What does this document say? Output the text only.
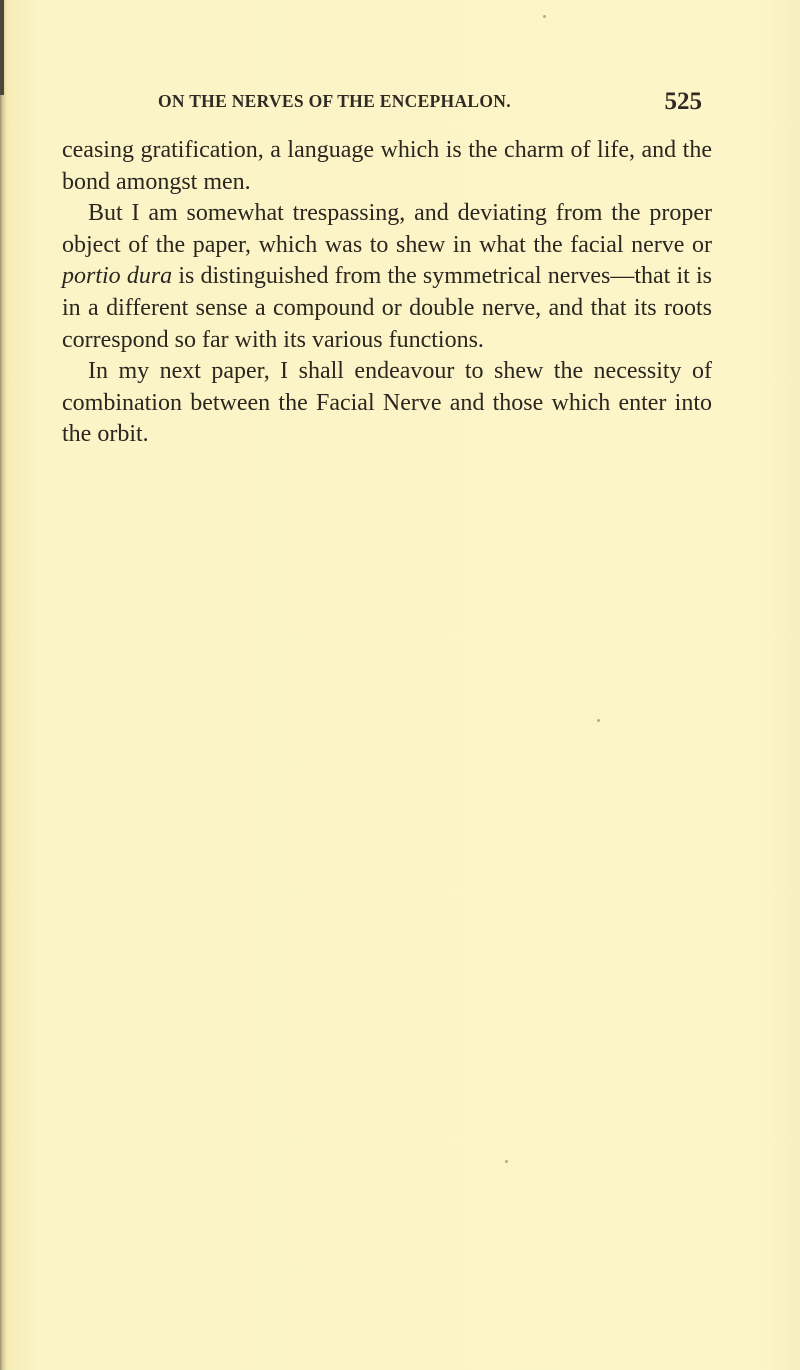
ON THE NERVES OF THE ENCEPHALON.	525

ceasing gratification, a language which is the charm of life, and the bond amongst men.

But I am somewhat trespassing, and deviating from the proper object of the paper, which was to shew in what the facial nerve or portio dura is distinguished from the symmetrical nerves—that it is in a different sense a compound or double nerve, and that its roots correspond so far with its various functions.

In my next paper, I shall endeavour to shew the necessity of combination between the Facial Nerve and those which enter into the orbit.
